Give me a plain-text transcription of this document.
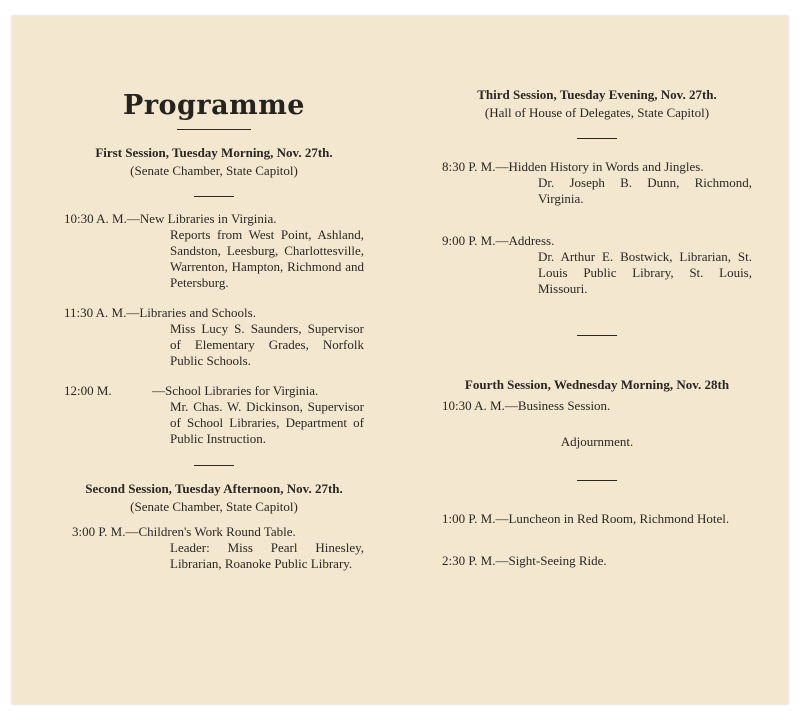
Programme
First Session, Tuesday Morning, Nov. 27th.
(Senate Chamber, State Capitol)
10:30 A. M.—New Libraries in Virginia.
Reports from West Point, Ashland, Sandston, Leesburg, Charlottesville, Warrenton, Hampton, Richmond and Petersburg.
11:30 A. M.—Libraries and Schools.
Miss Lucy S. Saunders, Supervisor of Elementary Grades, Norfolk Public Schools.
12:00 M.	—School Libraries for Virginia.
Mr. Chas. W. Dickinson, Supervisor of School Libraries, Department of Public Instruction.
Second Session, Tuesday Afternoon, Nov. 27th.
(Senate Chamber, State Capitol)
3:00 P. M.—Children's Work Round Table.
Leader: Miss Pearl Hinesley, Librarian, Roanoke Public Library.
Third Session, Tuesday Evening, Nov. 27th.
(Hall of House of Delegates, State Capitol)
8:30 P. M.—Hidden History in Words and Jingles.
Dr. Joseph B. Dunn, Richmond, Virginia.
9:00 P. M.—Address.
Dr. Arthur E. Bostwick, Librarian, St. Louis Public Library, St. Louis, Missouri.
Fourth Session, Wednesday Morning, Nov. 28th
10:30 A. M.—Business Session.
Adjournment.
1:00 P. M.—Luncheon in Red Room, Richmond Hotel.
2:30 P. M.—Sight-Seeing Ride.
